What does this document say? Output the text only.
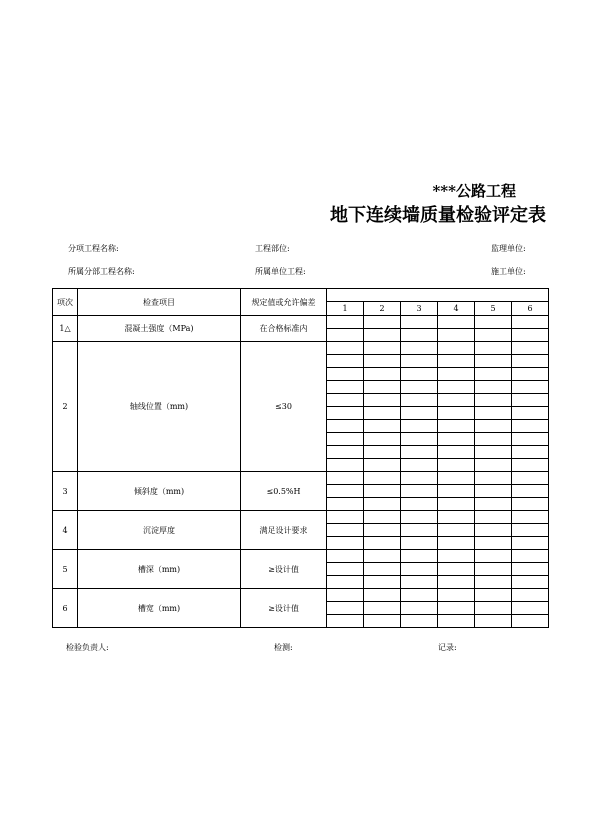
***公路工程
地下连续墙质量检验评定表
分项工程名称:	工程部位:	监理单位:
所属分部工程名称:	所属单位工程:	施工单位:
项次	检查项目	规定值或允许偏差						
			1	2	3	4	5	6
1△	混凝土强度（MPa)	在合格标准内						

2	轴线位置（mm)	≤30						

3	倾斜度（mm)	≤0.5%H						

4	沉淀厚度	满足设计要求						

5	槽深（mm)	≥设计值						

6	槽宽（mm)	≥设计值						

检验负责人:	检测:	记录:
